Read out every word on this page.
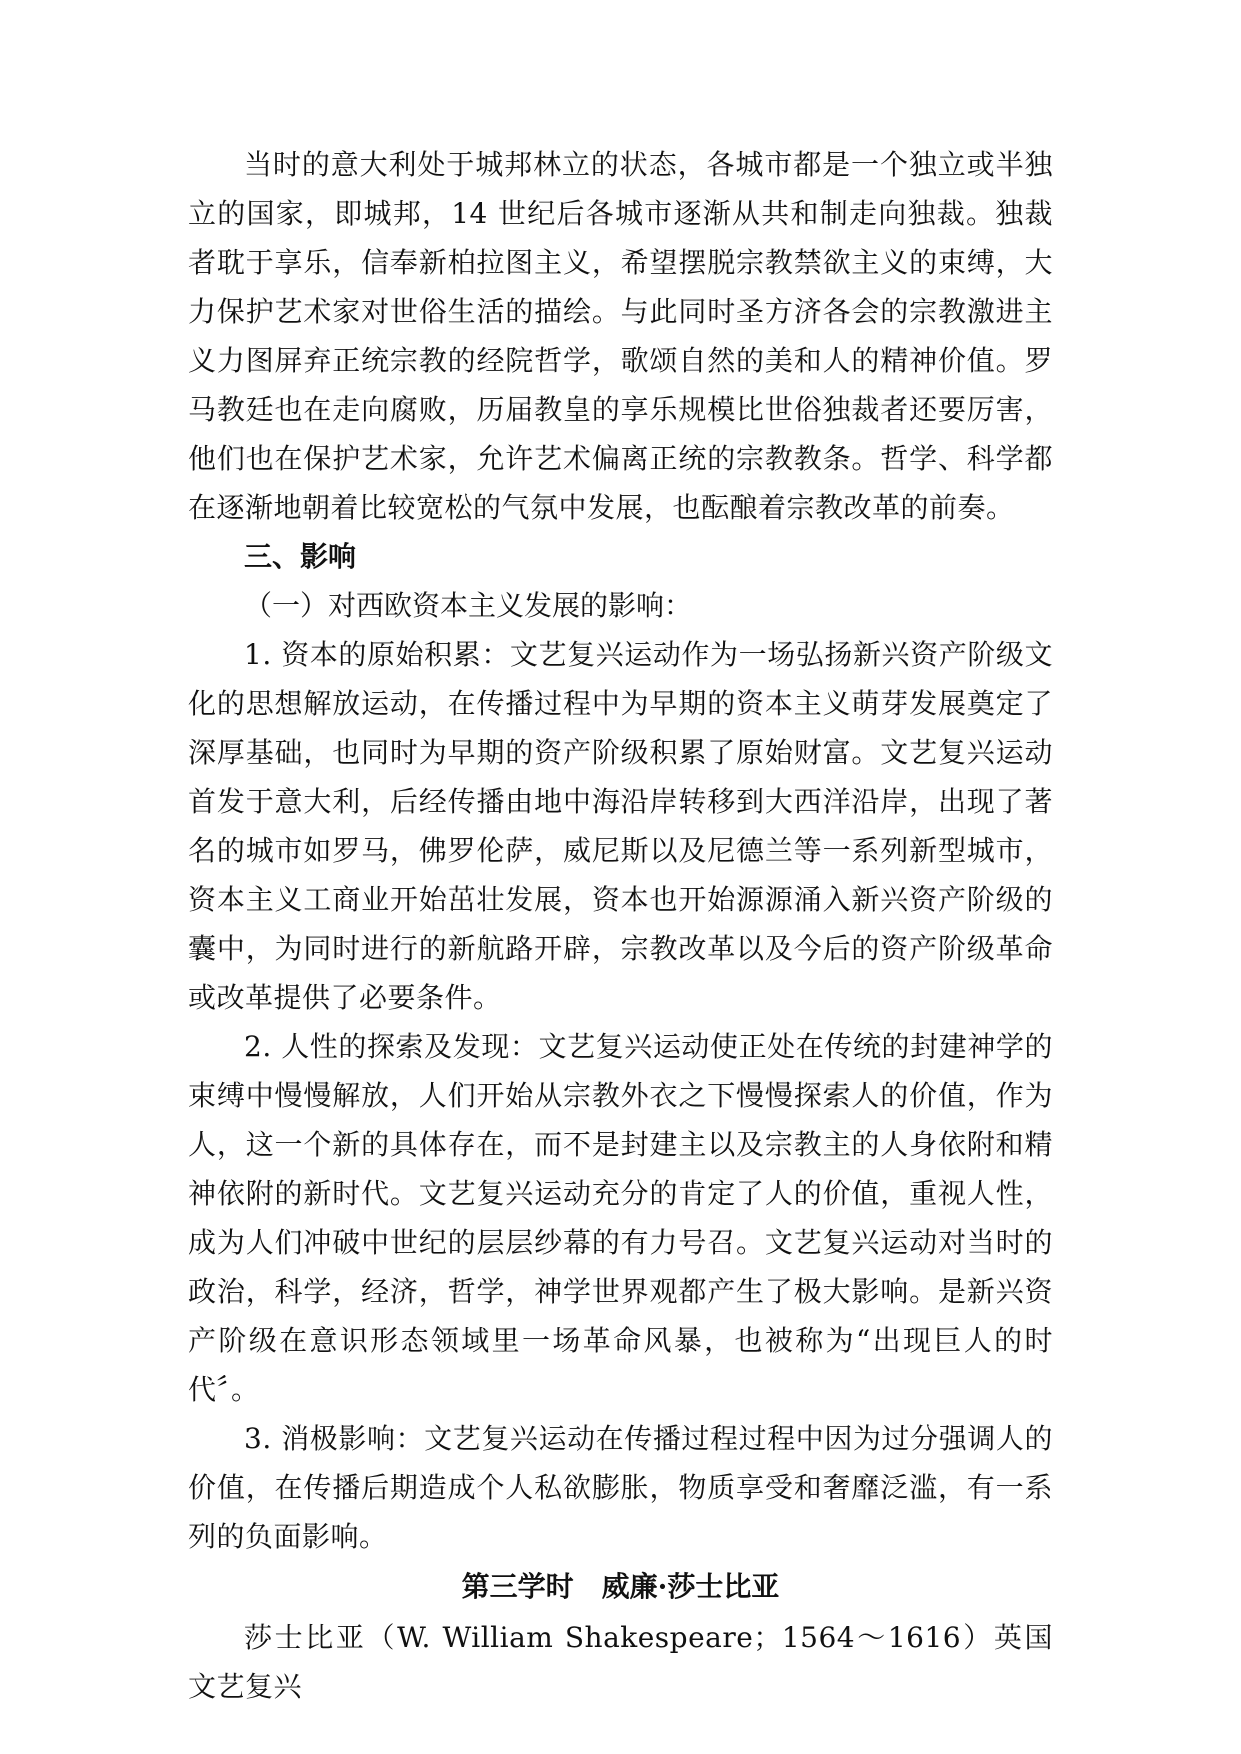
当时的意大利处于城邦林立的状态，各城市都是一个独立或半独立的国家，即城邦，14 世纪后各城市逐渐从共和制走向独裁。独裁者耽于享乐，信奉新柏拉图主义，希望摆脱宗教禁欲主义的束缚，大力保护艺术家对世俗生活的描绘。与此同时圣方济各会的宗教激进主义力图屏弃正统宗教的经院哲学，歌颂自然的美和人的精神价值。罗马教廷也在走向腐败，历届教皇的享乐规模比世俗独裁者还要厉害，他们也在保护艺术家，允许艺术偏离正统的宗教教条。哲学、科学都在逐渐地朝着比较宽松的气氛中发展，也酝酿着宗教改革的前奏。

三、影响

（一）对西欧资本主义发展的影响：

1. 资本的原始积累：文艺复兴运动作为一场弘扬新兴资产阶级文化的思想解放运动，在传播过程中为早期的资本主义萌芽发展奠定了深厚基础，也同时为早期的资产阶级积累了原始财富。文艺复兴运动首发于意大利，后经传播由地中海沿岸转移到大西洋沿岸，出现了著名的城市如罗马，佛罗伦萨，威尼斯以及尼德兰等一系列新型城市，资本主义工商业开始茁壮发展，资本也开始源源涌入新兴资产阶级的囊中，为同时进行的新航路开辟，宗教改革以及今后的资产阶级革命或改革提供了必要条件。

2. 人性的探索及发现：文艺复兴运动使正处在传统的封建神学的束缚中慢慢解放，人们开始从宗教外衣之下慢慢探索人的价值，作为人，这一个新的具体存在，而不是封建主以及宗教主的人身依附和精神依附的新时代。文艺复兴运动充分的肯定了人的价值，重视人性，成为人们冲破中世纪的层层纱幕的有力号召。文艺复兴运动对当时的政治，科学，经济，哲学，神学世界观都产生了极大影响。是新兴资产阶级在意识形态领域里一场革命风暴，也被称为“出现巨人的时代〞。

3. 消极影响：文艺复兴运动在传播过程过程中因为过分强调人的价值，在传播后期造成个人私欲膨胀，物质享受和奢靡泛滥，有一系列的负面影响。

第三学时　威廉·莎士比亚

莎士比亚（W. William Shakespeare；1564～1616）英国文艺复兴
